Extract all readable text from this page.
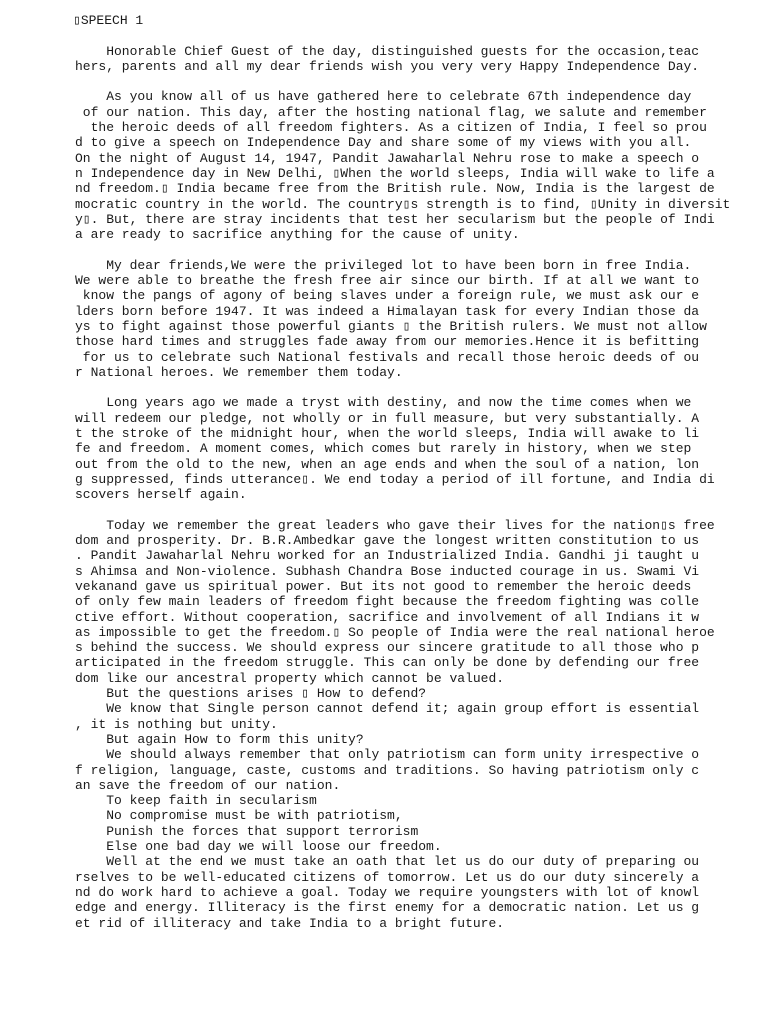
▯SPEECH 1
Honorable Chief Guest of the day, distinguished guests for the occasion,teac
hers, parents and all my dear friends wish you very very Happy Independence Day.
As you know all of us have gathered here to celebrate 67th independence day
of our nation. This day, after the hosting national flag, we salute and remember
the heroic deeds of all freedom fighters. As a citizen of India, I feel so prou
d to give a speech on Independence Day and share some of my views with you all.
On the night of August 14, 1947, Pandit Jawaharlal Nehru rose to make a speech o
n Independence day in New Delhi, ▯When the world sleeps, India will wake to life a
nd freedom.▯ India became free from the British rule. Now, India is the largest de
mocratic country in the world. The country▯s strength is to find, ▯Unity in diversit
y▯. But, there are stray incidents that test her secularism but the people of Indi
a are ready to sacrifice anything for the cause of unity.
My dear friends,We were the privileged lot to have been born in free India.
We were able to breathe the fresh free air since our birth. If at all we want to
know the pangs of agony of being slaves under a foreign rule, we must ask our e
lders born before 1947. It was indeed a Himalayan task for every Indian those da
ys to fight against those powerful giants ▯ the British rulers. We must not allow
those hard times and struggles fade away from our memories.Hence it is befitting
for us to celebrate such National festivals and recall those heroic deeds of ou
r National heroes. We remember them today.
Long years ago we made a tryst with destiny, and now the time comes when we
will redeem our pledge, not wholly or in full measure, but very substantially. A
t the stroke of the midnight hour, when the world sleeps, India will awake to li
fe and freedom. A moment comes, which comes but rarely in history, when we step
out from the old to the new, when an age ends and when the soul of a nation, lon
g suppressed, finds utterance▯. We end today a period of ill fortune, and India di
scovers herself again.
Today we remember the great leaders who gave their lives for the nation▯s free
dom and prosperity. Dr. B.R.Ambedkar gave the longest written constitution to us
. Pandit Jawaharlal Nehru worked for an Industrialized India. Gandhi ji taught u
s Ahimsa and Non-violence. Subhash Chandra Bose inducted courage in us. Swami Vi
vekanand gave us spiritual power. But its not good to remember the heroic deeds
of only few main leaders of freedom fight because the freedom fighting was colle
ctive effort. Without cooperation, sacrifice and involvement of all Indians it w
as impossible to get the freedom.▯ So people of India were the real national heroe
s behind the success. We should express our sincere gratitude to all those who p
articipated in the freedom struggle. This can only be done by defending our free
dom like our ancestral property which cannot be valued.
But the questions arises ▯ How to defend?
We know that Single person cannot defend it; again group effort is essential
, it is nothing but unity.
But again How to form this unity?
We should always remember that only patriotism can form unity irrespective o
f religion, language, caste, customs and traditions. So having patriotism only c
an save the freedom of our nation.
To keep faith in secularism
No compromise must be with patriotism,
Punish the forces that support terrorism
Else one bad day we will loose our freedom.
Well at the end we must take an oath that let us do our duty of preparing ou
rselves to be well-educated citizens of tomorrow. Let us do our duty sincerely a
nd do work hard to achieve a goal. Today we require youngsters with lot of knowl
edge and energy. Illiteracy is the first enemy for a democratic nation. Let us g
et rid of illiteracy and take India to a bright future.
